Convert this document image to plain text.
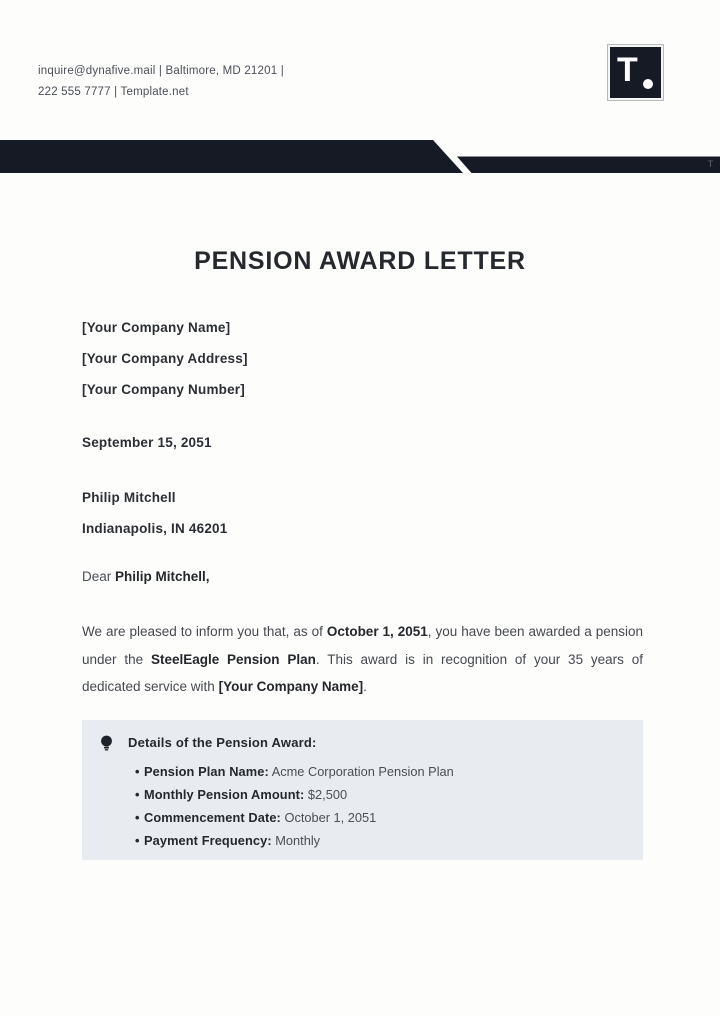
inquire@dynafive.mail | Baltimore, MD 21201 |
222 555 7777 | Template.net
T
T
PENSION AWARD LETTER
[Your Company Name]
[Your Company Address]
[Your Company Number]
September 15, 2051
Philip Mitchell
Indianapolis, IN 46201
Dear Philip Mitchell,

We are pleased to inform you that, as of October 1, 2051, you have been awarded a pension under the SteelEagle Pension Plan. This award is in recognition of your 35 years of dedicated service with [Your Company Name].

Details of the Pension Award:
• Pension Plan Name: Acme Corporation Pension Plan
• Monthly Pension Amount: $2,500
• Commencement Date: October 1, 2051
• Payment Frequency: Monthly
